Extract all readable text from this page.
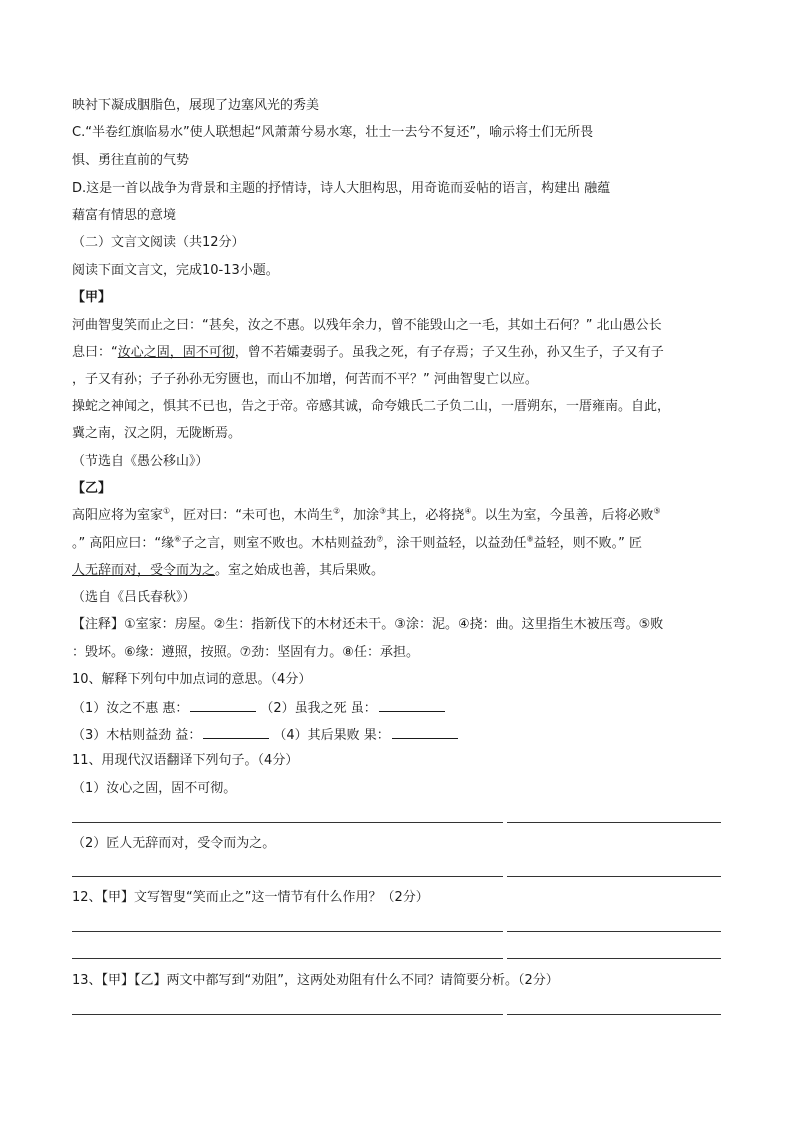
映衬下凝成胭脂色，展现了边塞风光的秀美
C.“半卷红旗临易水”使人联想起“风萧萧兮易水寒，壮士一去兮不复还”，喻示将士们无所畏
惧、勇往直前的气势
D.这是一首以战争为背景和主题的抒情诗，诗人大胆构思，用奇诡而妥帖的语言，构建出 融蕴
藉富有情思的意境
（二）文言文阅读（共12分）
阅读下面文言文，完成10-13小题。
【甲】
河曲智叟笑而止之曰：“甚矣，汝之不惠。以残年余力，曾不能毁山之一毛，其如土石何？” 北山愚公长
息曰：“汝心之固，固不可彻，曾不若孀妻弱子。虽我之死，有子存焉；子又生孙，孙又生子，子又有子
，子又有孙；子子孙孙无穷匮也，而山不加增，何苦而不平？” 河曲智叟亡以应。
操蛇之神闻之，惧其不已也，告之于帝。帝感其诚，命夸娥氏二子负二山，一厝朔东，一厝雍南。自此，
冀之南，汉之阴，无陇断焉。
（节选自《愚公移山》）
【乙】
高阳应将为室家①，匠对曰：“未可也，木尚生②，加涂③其上，必将挠④。以生为室，今虽善，后将必败⑤
。” 高阳应曰：“缘⑥子之言，则室不败也。木枯则益劲⑦，涂干则益轻，以益劲任⑧益轻，则不败。” 匠
人无辞而对，受令而为之。室之始成也善，其后果败。
（选自《吕氏春秋》）
【注释】①室家：房屋。②生：指新伐下的木材还未干。③涂：泥。④挠：曲。这里指生木被压弯。⑤败
：毁坏。⑥缘：遵照，按照。⑦劲：坚固有力。⑧任：承担。
10、解释下列句中加点词的意思。（4分）
（1）汝之不惠 惠：	（2）虽我之死 虽：
（3）木枯则益劲 益：	（4）其后果败 果：
11、用现代汉语翻译下列句子。（4分）
（1）汝心之固，固不可彻。
（2）匠人无辞而对，受令而为之。
12、【甲】文写智叟“笑而止之”这一情节有什么作用？（2分）
13、【甲】【乙】两文中都写到“劝阻”，这两处劝阻有什么不同？请简要分析。（2分）
